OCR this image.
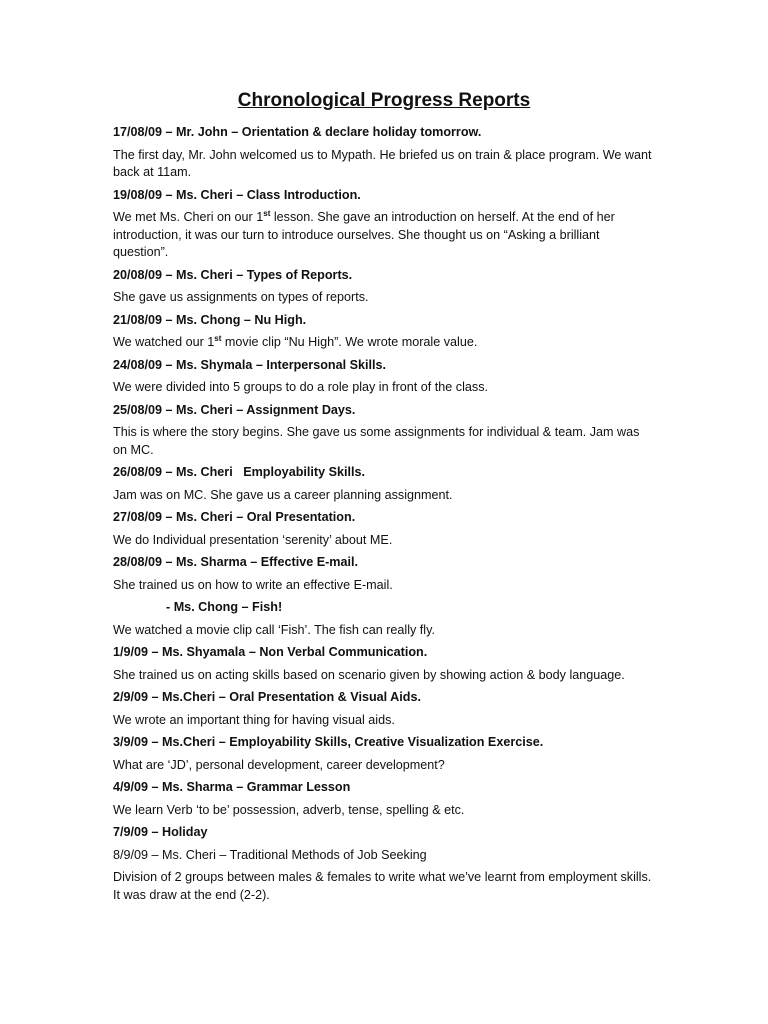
Chronological Progress Reports
17/08/09 – Mr. John – Orientation & declare holiday tomorrow.
The first day, Mr. John welcomed us to Mypath. He briefed us on train & place program. We want back at 11am.
19/08/09 – Ms. Cheri – Class Introduction.
We met Ms. Cheri on our 1st lesson. She gave an introduction on herself. At the end of her introduction, it was our turn to introduce ourselves. She thought us on “Asking a brilliant question”.
20/08/09 – Ms. Cheri – Types of Reports.
She gave us assignments on types of reports.
21/08/09 – Ms. Chong – Nu High.
We watched our 1st movie clip “Nu High”. We wrote morale value.
24/08/09 – Ms. Shymala – Interpersonal Skills.
We were divided into 5 groups to do a role play in front of the class.
25/08/09 – Ms. Cheri – Assignment Days.
This is where the story begins. She gave us some assignments for individual & team. Jam was on MC.
26/08/09 – Ms. Cheri   Employability Skills.
Jam was on MC. She gave us a career planning assignment.
27/08/09 – Ms. Cheri – Oral Presentation.
We do Individual presentation ‘serenity’ about ME.
28/08/09 – Ms. Sharma – Effective E-mail.
She trained us on how to write an effective E-mail.
- Ms. Chong – Fish!
We watched a movie clip call ‘Fish’. The fish can really fly.
1/9/09 – Ms. Shyamala – Non Verbal Communication.
She trained us on acting skills based on scenario given by showing action & body language.
2/9/09 – Ms.Cheri – Oral Presentation & Visual Aids.
We wrote an important thing for having visual aids.
3/9/09 – Ms.Cheri – Employability Skills, Creative Visualization Exercise.
What are ‘JD’, personal development, career development?
4/9/09 – Ms. Sharma – Grammar Lesson
We learn Verb ‘to be’ possession, adverb, tense, spelling & etc.
7/9/09 – Holiday
8/9/09 – Ms. Cheri – Traditional Methods of Job Seeking
Division of 2 groups between males & females to write what we’ve learnt from employment skills. It was draw at the end (2-2).
